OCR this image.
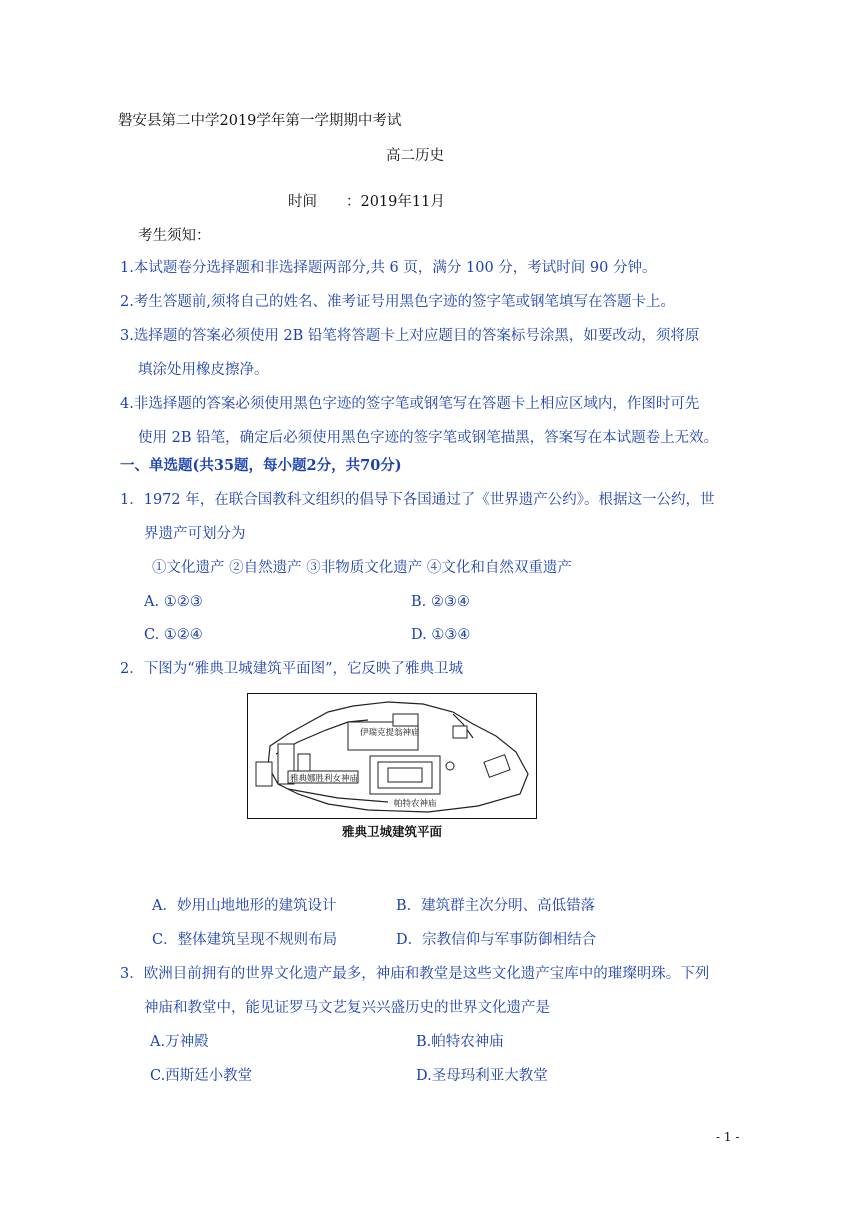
磐安县第二中学2019学年第一学期期中考试
高二历史
时间　　：2019年11月
考生须知：
1.本试题卷分选择题和非选择题两部分,共 6 页，满分 100 分，考试时间 90 分钟。
2.考生答题前,须将自己的姓名、准考证号用黑色字迹的签字笔或钢笔填写在答题卡上。
3.选择题的答案必须使用 2B 铅笔将答题卡上对应题目的答案标号涂黑，如要改动，须将原
填涂处用橡皮擦净。
4.非选择题的答案必须使用黑色字迹的签字笔或钢笔写在答题卡上相应区域内，作图时可先
使用 2B 铅笔，确定后必须使用黑色字迹的签字笔或钢笔描黑，答案写在本试题卷上无效。
一、单选题(共35题，每小题2分，共70分)
1．1972 年，在联合国教科文组织的倡导下各国通过了《世界遗产公约》。根据这一公约，世
界遗产可划分为
①文化遗产 ②自然遗产 ③非物质文化遗产 ④文化和自然双重遗产
A. ①②③	B. ②③④
C. ①②④	D. ①③④
2．下图为“雅典卫城建筑平面图”，它反映了雅典卫城
伊瑞克提翁神庙
雅典娜胜利女神庙
帕特农神庙
雅典卫城建筑平面
A．妙用山地地形的建筑设计	B．建筑群主次分明、高低错落
C．整体建筑呈现不规则布局	D．宗教信仰与军事防御相结合
3．欧洲目前拥有的世界文化遗产最多，神庙和教堂是这些文化遗产宝库中的璀璨明珠。下列
神庙和教堂中，能见证罗马文艺复兴兴盛历史的世界文化遗产是
A.万神殿	B.帕特农神庙
C.西斯廷小教堂	D.圣母玛利亚大教堂
- 1 -
